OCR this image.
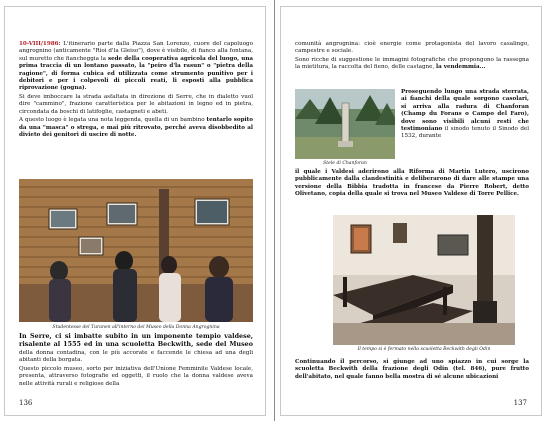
10-VIII/1986: L'itinerario parte dalla Piazza San Lorenzo, cuore del capoluogo angrognino (anticamente "Rioi d'la Gleiso"), dove è visibile, di fianco alla fontana, sul muretto che fiancheggia la sede della cooperativa agricola del luogo, una prima traccia di un lontano passato, la "peiro d'la rasun" o "pietra della ragione", di forma cubica ed utilizzata come strumento punitivo per i debitori e per i colpevoli di piccoli reati, li esposti alla pubblica riprovazione (gogna).

Si deve imboccare la strada asfaltata in direzione di Serre, che in dialetto vuol dire "cammino", frazione caratteristica per le abitazioni in legno ed in pietra, circondata da boschi di latifoglie, castagneti e abeti.

A questo luogo è legata una nota leggenda, quella di un bambino tentarlo sopito da una "masca" o strega, e mai più ritrovato, perché aveva disobbedito al divieto dei genitori di uscire di notte.

Studentesse del Turanen all'interno del Museo della Donna Angrognina

In Serre, ci si imbatte subito in un imponente tempio valdese, risalente al 1555 ed in una scuoletta Beckwith, sede del Museo della donna contadina, con le più accorate e faccende le chiesa ad una degli abitanti della borgata.

Questo piccolo museo, sorto per iniziativa dell'Unione Femminile Valdese locale, presenta, attraverso fotografie ed oggetti, il ruolo che la donna valdese aveva nelle attività rurali e religiose della

136

comunità angrognina: cioè energie come protagonista del lavoro casalingo, campestre e sociale.

Sono ricche di suggestione le immagini fotografiche che propongono la rassegna la mietitura, la raccolta del fieno, delle castagne, la vendemmia...

Stele di Chanforan

Proseguendo lungo una strada sterrata, ai fianchi della quale sorgono casolari, si arriva alla radura di Chanforan (Champ du Forans o Campo del Faro), dove sono visibili alcuni resti che testimoniano il sinodo tenuto il Sinodo del 1532, durante

il quale i Valdesi aderirono alla Riforma di Martin Lutero, uscirono pubblicamente dalla clandestinità e deliberarono di dare alle stampe una versione della Bibbia tradotta in francese da Pierre Robert, detto Olivetano, copia della quale si trova nel Museo Valdese di Torre Pellice.

Il tempo si è fermato nella scuoletta Beckwith degli Odin

Continuando il percorso, si giunge ad uno spiazzo in cui sorge la scuoletta Beckwith della frazione degli Odin (tel. 846), pure frutto dell'abitato, nel quale fanno bella mostra di sé alcune ubicazioni

137
